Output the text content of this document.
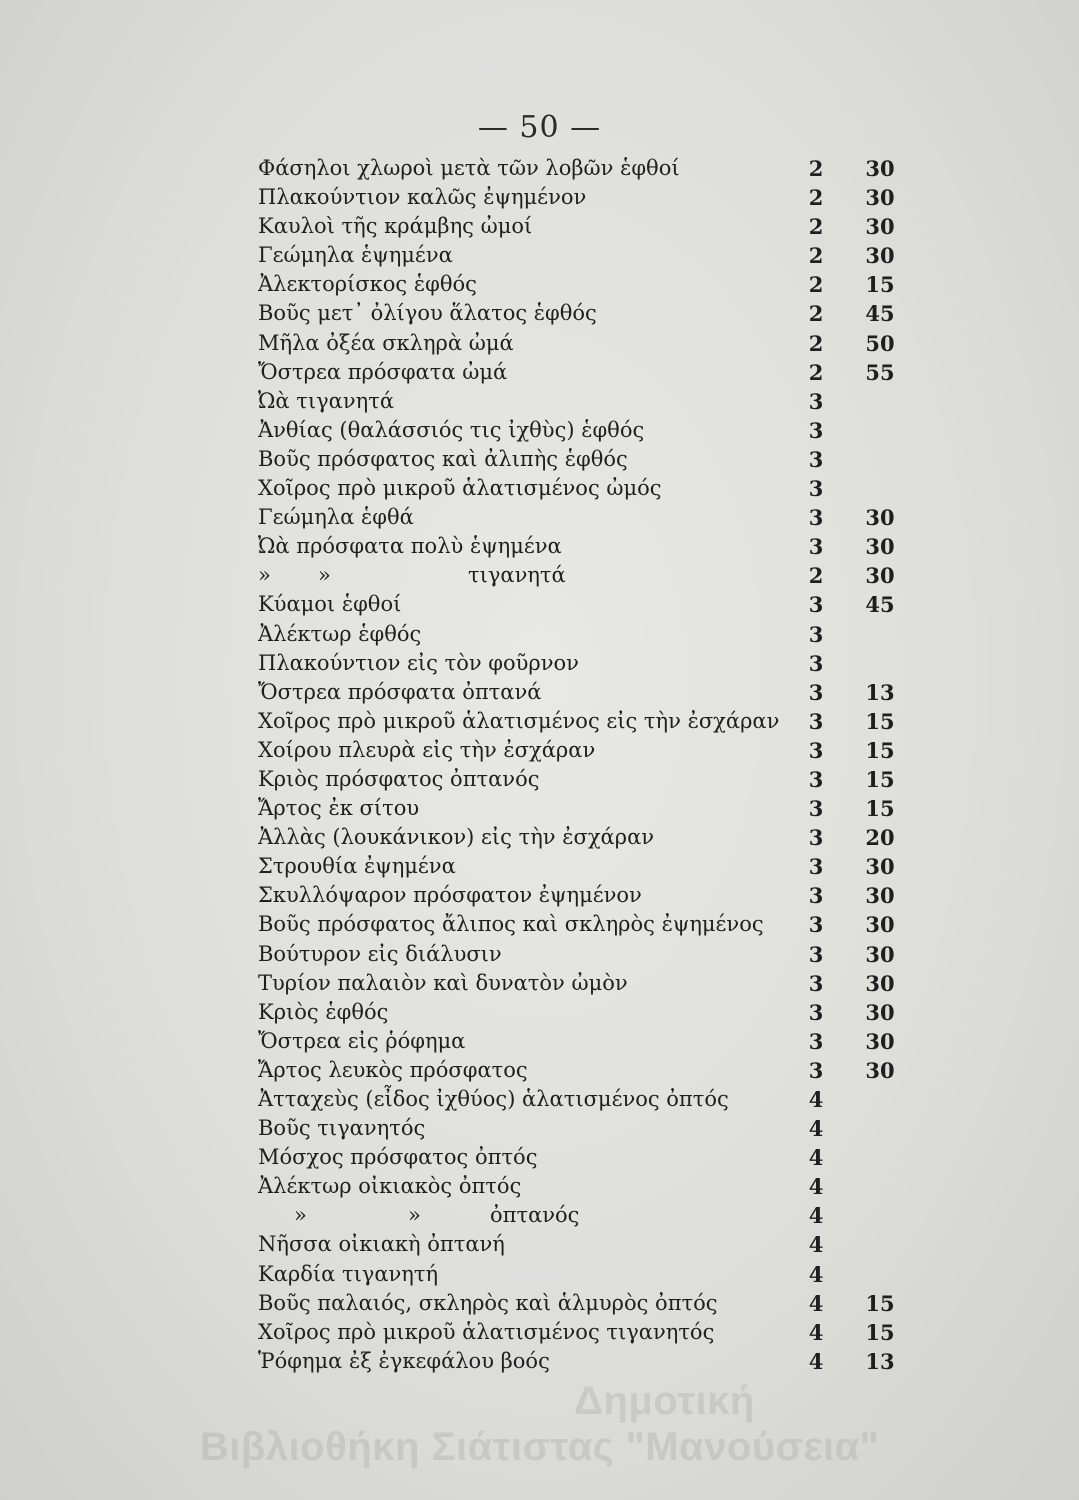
— 50 —
Φάσηλοι χλωροὶ μετὰ τῶν λοβῶν ἑφθοί	2 30
Πλακούντιον καλῶς ἐψημένον	2 30
Καυλοὶ τῆς κράμβης ὠμοί	2 30
Γεώμηλα ἑψημένα	2 30
Ἀλεκτορίσκος ἑφθός	2 15
Βοῦς μετ᾽ ὀλίγου ἅλατος ἑφθός	2 45
Μῆλα ὀξέα σκληρὰ ὠμά	2 50
Ὄστρεα πρόσφατα ὠμά	2 55
Ὠὰ τιγανητά	3
Ἀνθίας (θαλάσσιός τις ἰχθὺς) ἑφθός	3
Βοῦς πρόσφατος καὶ ἀλιπὴς ἑφθός	3
Χοῖρος πρὸ μικροῦ ἁλατισμένος ὠμός	3
Γεώμηλα ἑφθά	3 30
Ὠὰ πρόσφατα πολὺ ἑψημένα	3 30
» »	τιγανητά	2 30
Κύαμοι ἑφθοί	3 45
Ἀλέκτωρ ἑφθός	3
Πλακούντιον εἰς τὸν φοῦρνον	3
Ὄστρεα πρόσφατα ὀπτανά	3 13
Χοῖρος πρὸ μικροῦ ἁλατισμένος εἰς τὴν ἐσχάραν 3 15
Χοίρου πλευρὰ εἰς τὴν ἐσχάραν	3 15
Κριὸς πρόσφατος ὀπτανός	3 15
Ἄρτος ἐκ σίτου	3 15
Ἀλλὰς (λουκάνικον) εἰς τὴν ἐσχάραν	3 20
Στρουθία ἐψημένα	3 30
Σκυλλόψαρον πρόσφατον ἐψημένον	3 30
Βοῦς πρόσφατος ἄλιπος καὶ σκληρὸς ἐψημένος 3 30
Βούτυρον εἰς διάλυσιν	3 30
Τυρίον παλαιὸν καὶ δυνατὸν ὠμὸν	3 30
Κριὸς ἑφθός	3 30
Ὄστρεα εἰς ῥόφημα	3 30
Ἄρτος λευκὸς πρόσφατος	3 30
Ἀτταχεὺς (εἶδος ἰχθύος) ἁλατισμένος ὀπτός	4
Βοῦς τιγανητός	4
Μόσχος πρόσφατος ὀπτός	4
Ἀλέκτωρ οἰκιακὸς ὀπτός	4
»	»	ὀπτανός	4
Νῆσσα οἰκιακὴ ὀπτανή	4
Καρδία τιγανητή	4
Βοῦς παλαιός, σκληρὸς καὶ ἁλμυρὸς ὀπτός	4 15
Χοῖρος πρὸ μικροῦ ἁλατισμένος τιγανητός	4 15
Ῥόφημα ἐξ ἐγκεφάλου βοός	4 13
Δημοτική
Βιβλιοθήκη Σιάτιστας "Μανούσεια"
